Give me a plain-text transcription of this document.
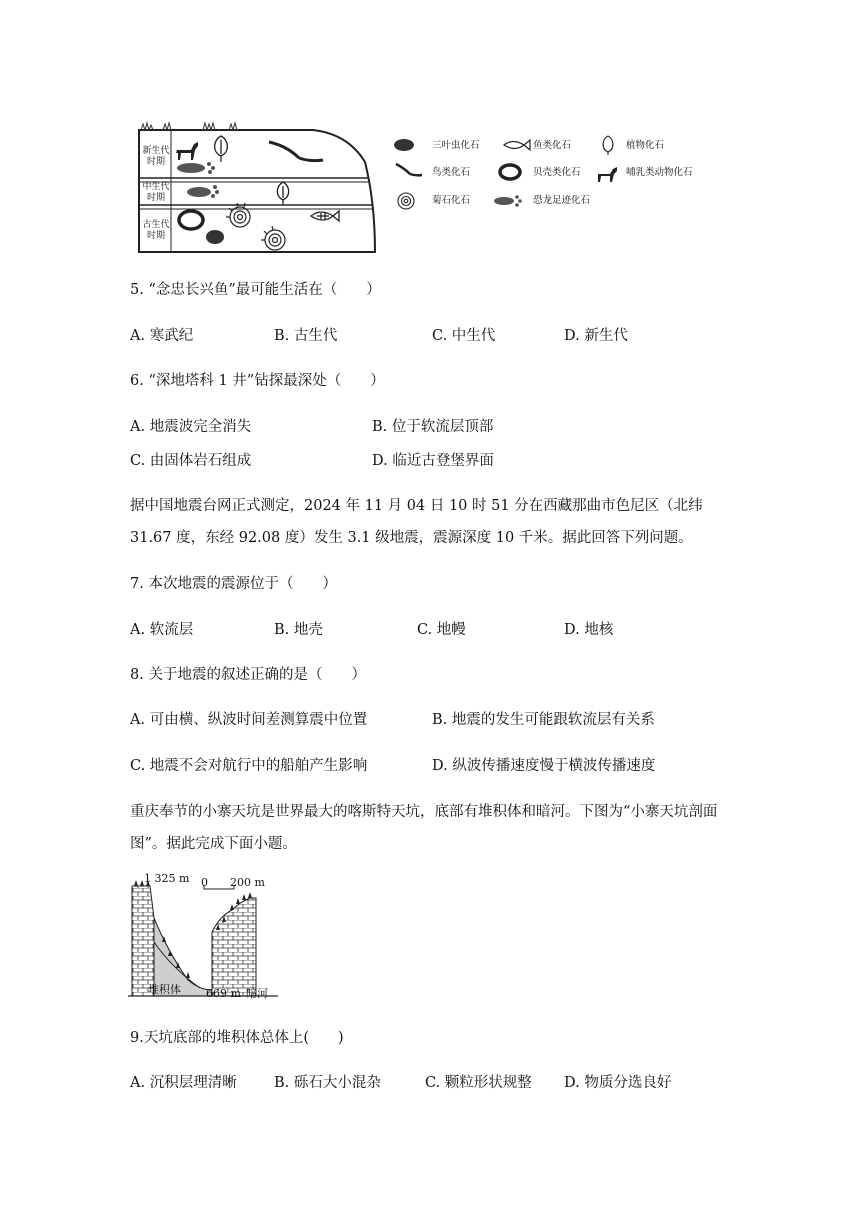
新生代
时期
中生代
时期
古生代
时期
三叶虫化石	鱼类化石	植物化石
鸟类化石	贝壳类化石	哺乳类动物化石
菊石化石	恐龙足迹化石
5. “念忠长兴鱼”最可能生活在（　　）
A. 寒武纪	B. 古生代	C. 中生代	D. 新生代
6. “深地塔科 1 井”钻探最深处（　　）
A. 地震波完全消失	B. 位于软流层顶部
C. 由固体岩石组成	D. 临近古登堡界面
据中国地震台网正式测定，2024 年 11 月 04 日 10 时 51 分在西藏那曲市色尼区（北纬 31.67 度，东经 92.08 度）发生 3.1 级地震，震源深度 10 千米。据此回答下列问题。
7. 本次地震的震源位于（　　）
A. 软流层	B. 地壳	C. 地幔	D. 地核
8. 关于地震的叙述正确的是（　　）
A. 可由横、纵波时间差测算震中位置	B. 地震的发生可能跟软流层有关系
C. 地震不会对航行中的船舶产生影响	D. 纵波传播速度慢于横波传播速度
重庆奉节的小寨天坑是世界最大的喀斯特天坑，底部有堆积体和暗河。下图为“小寨天坑剖面图”。据此完成下面小题。
1 325 m 0 200 m
堆积体 669 m 暗河
9.天坑底部的堆积体总体上(　　)
A. 沉积层理清晰	B. 砾石大小混杂	C. 颗粒形状规整 D. 物质分选良好
